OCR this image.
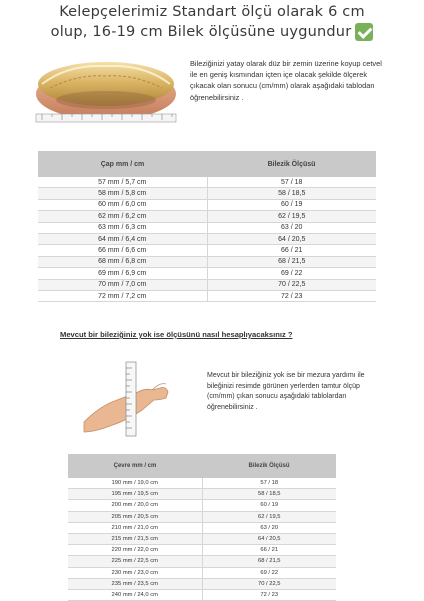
Kelepçelerimiz Standart ölçü olarak 6 cm
olup, 16-19 cm Bilek ölçüsüne uygundur
Bileziğinizi yatay olarak düz bir zemin üzerine koyup cetvel ile en geniş kısmından içten içe olacak şekilde ölçerek çıkacak olan sonucu (cm/mm) olarak aşağıdaki tablodan öğrenebilirsiniz .
Çap mm / cm	Bilezik Ölçüsü
57 mm / 5,7 cm	57 / 18
58 mm / 5,8 cm	58 / 18,5
60 mm / 6,0 cm	60 / 19
62 mm / 6,2 cm	62 / 19,5
63 mm / 6,3 cm	63 / 20
64 mm / 6,4 cm	64 / 20,5
66 mm / 6,6 cm	66 / 21
68 mm / 6,8 cm	68 / 21,5
69 mm / 6,9 cm	69 / 22
70 mm / 7,0 cm	70 / 22,5
72 mm / 7,2 cm	72 / 23
Mevcut bir bileziğiniz yok ise ölçüsünü nasıl hesaplıyacaksınız ?
Mevcut bir bileziğiniz yok ise bir mezura yardımı ile bileğinizi resimde görünen yerlerden tamtur ölçüp (cm/mm) çıkan sonucu aşağıdaki tablolardan öğrenebilirsiniz .
Çevre mm / cm	Bilezik Ölçüsü
190 mm / 19,0 cm	57 / 18
195 mm / 19,5 cm	58 / 18,5
200 mm / 20,0 cm	60 / 19
205 mm / 20,5 cm	62 / 19,5
210 mm / 21,0 cm	63 / 20
215 mm / 21,5 cm	64 / 20,5
220 mm / 22,0 cm	66 / 21
225 mm / 22,5 cm	68 / 21,5
230 mm / 23,0 cm	69 / 22
235 mm / 23,5 cm	70 / 22,5
240 mm / 24,0 cm	72 / 23
